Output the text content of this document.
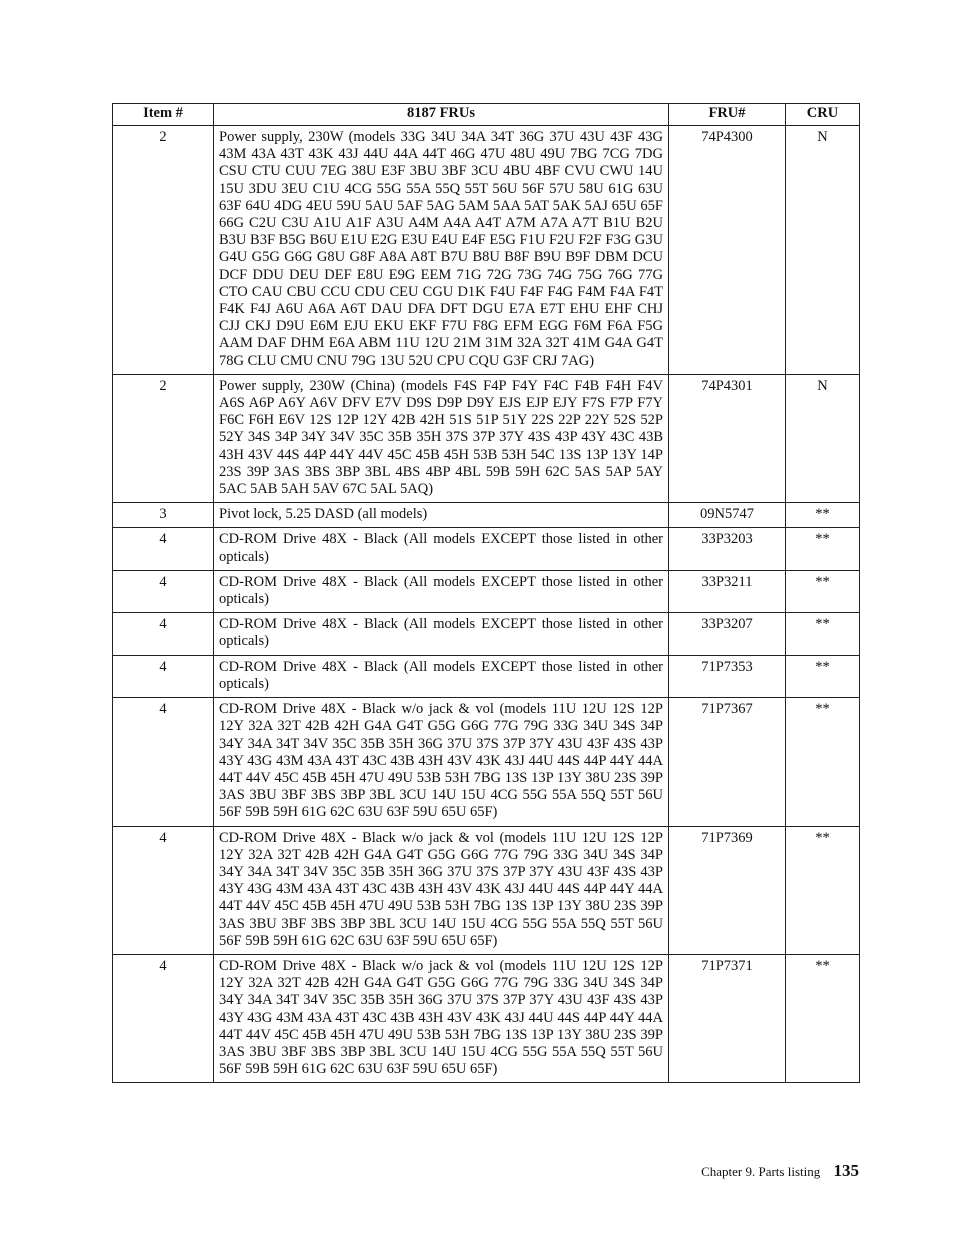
Item #	8187 FRUs	FRU#	CRU
2	Power supply, 230W (models 33G 34U 34A 34T 36G 37U 43U 43F 43G 43M 43A 43T 43K 43J 44U 44A 44T 46G 47U 48U 49U 7BG 7CG 7DG CSU CTU CUU 7EG 38U E3F 3BU 3BF 3CU 4BU 4BF CVU CWU 14U 15U 3DU 3EU C1U 4CG 55G 55A 55Q 55T 56U 56F 57U 58U 61G 63U 63F 64U 4DG 4EU 59U 5AU 5AF 5AG 5AM 5AA 5AT 5AK 5AJ 65U 65F 66G C2U C3U A1U A1F A3U A4M A4A A4T A7M A7A A7T B1U B2U B3U B3F B5G B6U E1U E2G E3U E4U E4F E5G F1U F2U F2F F3G G3U G4U G5G G6G G8U G8F A8A A8T B7U B8U B8F B9U B9F DBM DCU DCF DDU DEU DEF E8U E9G EEM 71G 72G 73G 74G 75G 76G 77G CTO CAU CBU CCU CDU CEU CGU D1K F4U F4F F4G F4M F4A F4T F4K F4J A6U A6A A6T DAU DFA DFT DGU E7A E7T EHU EHF CHJ CJJ CKJ D9U E6M EJU EKU EKF F7U F8G EFM EGG F6M F6A F5G AAM DAF DHM E6A ABM 11U 12U 21M 31M 32A 32T 41M G4A G4T 78G CLU CMU CNU 79G 13U 52U CPU CQU G3F CRJ 7AG)	74P4300	N
2	Power supply, 230W (China) (models F4S F4P F4Y F4C F4B F4H F4V A6S A6P A6Y A6V DFV E7V D9S D9P D9Y EJS EJP EJY F7S F7P F7Y F6C F6H E6V 12S 12P 12Y 42B 42H 51S 51P 51Y 22S 22P 22Y 52S 52P 52Y 34S 34P 34Y 34V 35C 35B 35H 37S 37P 37Y 43S 43P 43Y 43C 43B 43H 43V 44S 44P 44Y 44V 45C 45B 45H 53B 53H 54C 13S 13P 13Y 14P 23S 39P 3AS 3BS 3BP 3BL 4BS 4BP 4BL 59B 59H 62C 5AS 5AP 5AY 5AC 5AB 5AH 5AV 67C 5AL 5AQ)	74P4301	N
3	Pivot lock, 5.25 DASD (all models)	09N5747	**
4	CD-ROM Drive 48X - Black (All models EXCEPT those listed in other opticals)	33P3203	**
4	CD-ROM Drive 48X - Black (All models EXCEPT those listed in other opticals)	33P3211	**
4	CD-ROM Drive 48X - Black (All models EXCEPT those listed in other opticals)	33P3207	**
4	CD-ROM Drive 48X - Black (All models EXCEPT those listed in other opticals)	71P7353	**
4	CD-ROM Drive 48X - Black w/o jack & vol (models 11U 12U 12S 12P 12Y 32A 32T 42B 42H G4A G4T G5G G6G 77G 79G 33G 34U 34S 34P 34Y 34A 34T 34V 35C 35B 35H 36G 37U 37S 37P 37Y 43U 43F 43S 43P 43Y 43G 43M 43A 43T 43C 43B 43H 43V 43K 43J 44U 44S 44P 44Y 44A 44T 44V 45C 45B 45H 47U 49U 53B 53H 7BG 13S 13P 13Y 38U 23S 39P 3AS 3BU 3BF 3BS 3BP 3BL 3CU 14U 15U 4CG 55G 55A 55Q 55T 56U 56F 59B 59H 61G 62C 63U 63F 59U 65U 65F)	71P7367	**
4	CD-ROM Drive 48X - Black w/o jack & vol (models 11U 12U 12S 12P 12Y 32A 32T 42B 42H G4A G4T G5G G6G 77G 79G 33G 34U 34S 34P 34Y 34A 34T 34V 35C 35B 35H 36G 37U 37S 37P 37Y 43U 43F 43S 43P 43Y 43G 43M 43A 43T 43C 43B 43H 43V 43K 43J 44U 44S 44P 44Y 44A 44T 44V 45C 45B 45H 47U 49U 53B 53H 7BG 13S 13P 13Y 38U 23S 39P 3AS 3BU 3BF 3BS 3BP 3BL 3CU 14U 15U 4CG 55G 55A 55Q 55T 56U 56F 59B 59H 61G 62C 63U 63F 59U 65U 65F)	71P7369	**
4	CD-ROM Drive 48X - Black w/o jack & vol (models 11U 12U 12S 12P 12Y 32A 32T 42B 42H G4A G4T G5G G6G 77G 79G 33G 34U 34S 34P 34Y 34A 34T 34V 35C 35B 35H 36G 37U 37S 37P 37Y 43U 43F 43S 43P 43Y 43G 43M 43A 43T 43C 43B 43H 43V 43K 43J 44U 44S 44P 44Y 44A 44T 44V 45C 45B 45H 47U 49U 53B 53H 7BG 13S 13P 13Y 38U 23S 39P 3AS 3BU 3BF 3BS 3BP 3BL 3CU 14U 15U 4CG 55G 55A 55Q 55T 56U 56F 59B 59H 61G 62C 63U 63F 59U 65U 65F)	71P7371	**
Chapter 9. Parts listing 135
